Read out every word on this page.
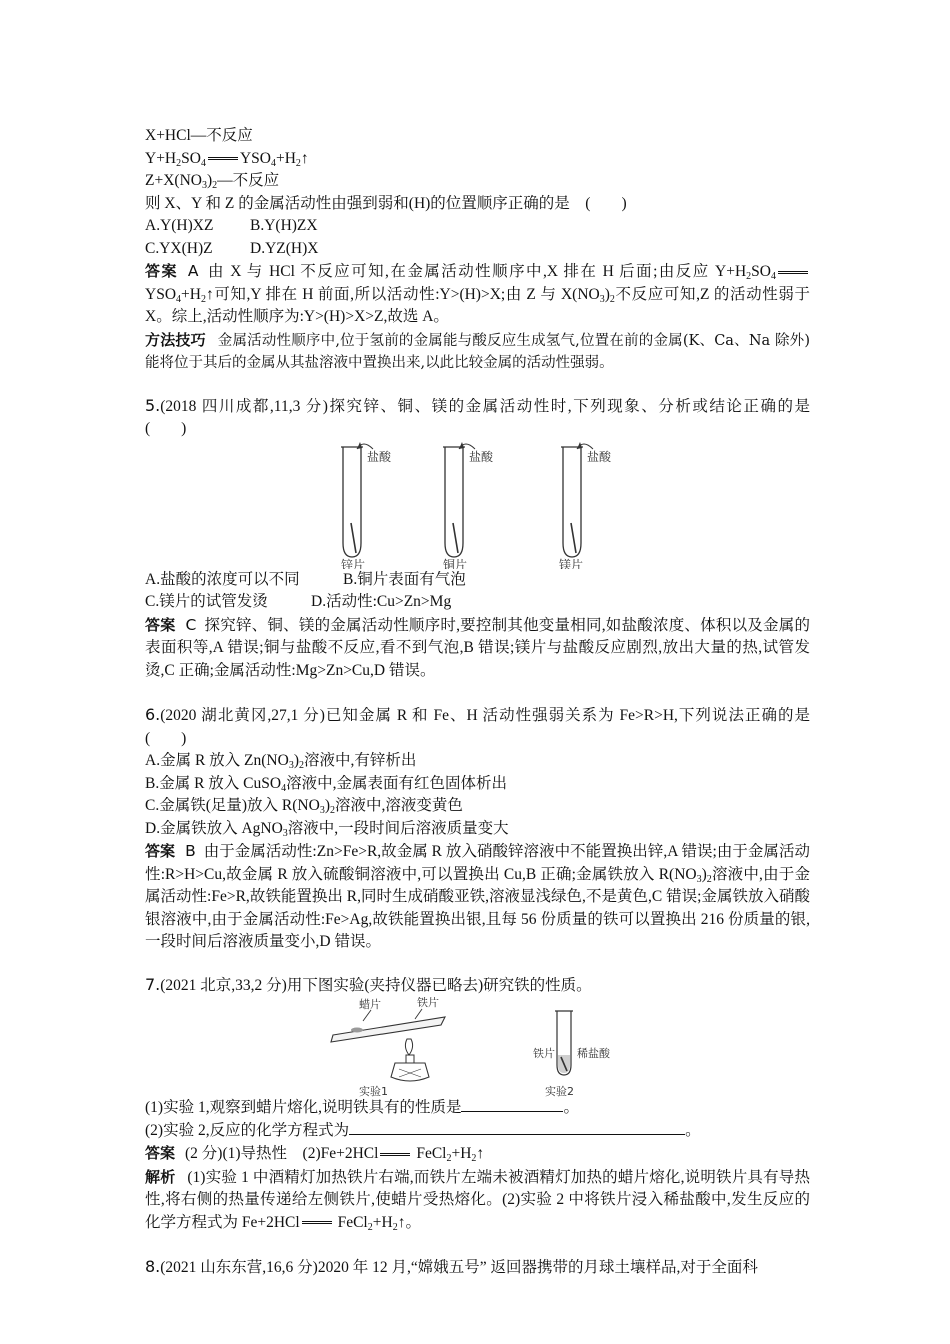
X+HCl—不反应
$Y+H_2SO_4$ $YSO_4+H_2↑$
$Z+X(NO_3)_2—$不反应
则 X、Y 和 Z 的金属活动性由强到弱和(H)的位置顺序正确的是　(　　)
A.Y(H)XZ B.Y(H)ZX
C.YX(H)Z D.YZ(H)X
答案 A 由 X 与 HCl 不反应可知,在金属活动性顺序中,X 排在 H 后面;由反应 $Y+H_2SO_4$ $YSO_4+H_2↑$可知,Y 排在 H 前面,所以活动性:Y>(H)>X;由 Z 与 $X(NO_3)_2$不反应可知,Z 的活动性弱于 X。综上,活动性顺序为:Y>(H)>X>Z,故选 A。
方法技巧 金属活动性顺序中,位于氢前的金属能与酸反应生成氢气,位置在前的金属(K、Ca、Na 除外)能将位于其后的金属从其盐溶液中置换出来,以此比较金属的活动性强弱。
5.(2018 四川成都,11,3 分)探究锌、铜、镁的金属活动性时,下列现象、分析或结论正确的是　(　　)
盐酸
锌片
盐酸
铜片
盐酸
镁片
A.盐酸的浓度可以不同	B.铜片表面有气泡
C.镁片的试管发烫	D.活动性:Cu>Zn>Mg
答案 C 探究锌、铜、镁的金属活动性顺序时,要控制其他变量相同,如盐酸浓度、体积以及金属的表面积等,A 错误;铜与盐酸不反应,看不到气泡,B 错误;镁片与盐酸反应剧烈,放出大量的热,试管发烫,C 正确;金属活动性:Mg>Zn>Cu,D 错误。
6.(2020 湖北黄冈,27,1 分)已知金属 R 和 Fe、H 活动性强弱关系为 Fe>R>H,下列说法正确的是　(　　)
A.金属 R 放入 $Zn(NO_3)_2$溶液中,有锌析出
B.金属 R 放入 CuSO$_4$溶液中,金属表面有红色固体析出
C.金属铁(足量)放入 $R(NO_3)_2$溶液中,溶液变黄色
D.金属铁放入 AgNO$_3$溶液中,一段时间后溶液质量变大
答案 B 由于金属活动性:Zn>Fe>R,故金属 R 放入硝酸锌溶液中不能置换出锌,A 错误;由于金属活动性:R>H>Cu,故金属 R 放入硫酸铜溶液中,可以置换出 Cu,B 正确;金属铁放入 $R(NO_3)_2$溶液中,由于金属活动性:Fe>R,故铁能置换出 R,同时生成硝酸亚铁,溶液显浅绿色,不是黄色,C 错误;金属铁放入硝酸银溶液中,由于金属活动性:Fe>Ag,故铁能置换出银,且每 56 份质量的铁可以置换出 216 份质量的银,一段时间后溶液质量变小,D 错误。
7.(2021 北京,33,2 分)用下图实验(夹持仪器已略去)研究铁的性质。
蜡片	铁片
实验1
铁片 稀盐酸
实验2
(1)实验 1,观察到蜡片熔化,说明铁具有的性质是	。
(2)实验 2,反应的化学方程式为	。
答案 (2 分)(1)导热性　(2)Fe+2HCl $FeCl_2+H_2↑$
解析 (1)实验 1 中酒精灯加热铁片右端,而铁片左端未被酒精灯加热的蜡片熔化,说明铁片具有导热性,将右侧的热量传递给左侧铁片,使蜡片受热熔化。(2)实验 2 中将铁片浸入稀盐酸中,发生反应的化学方程式为 Fe+2HCl $FeCl_2+H_2↑$。
8.(2021 山东东营,16,6 分)2020 年 12 月,“嫦娥五号” 返回器携带的月球土壤样品,对于全面科
